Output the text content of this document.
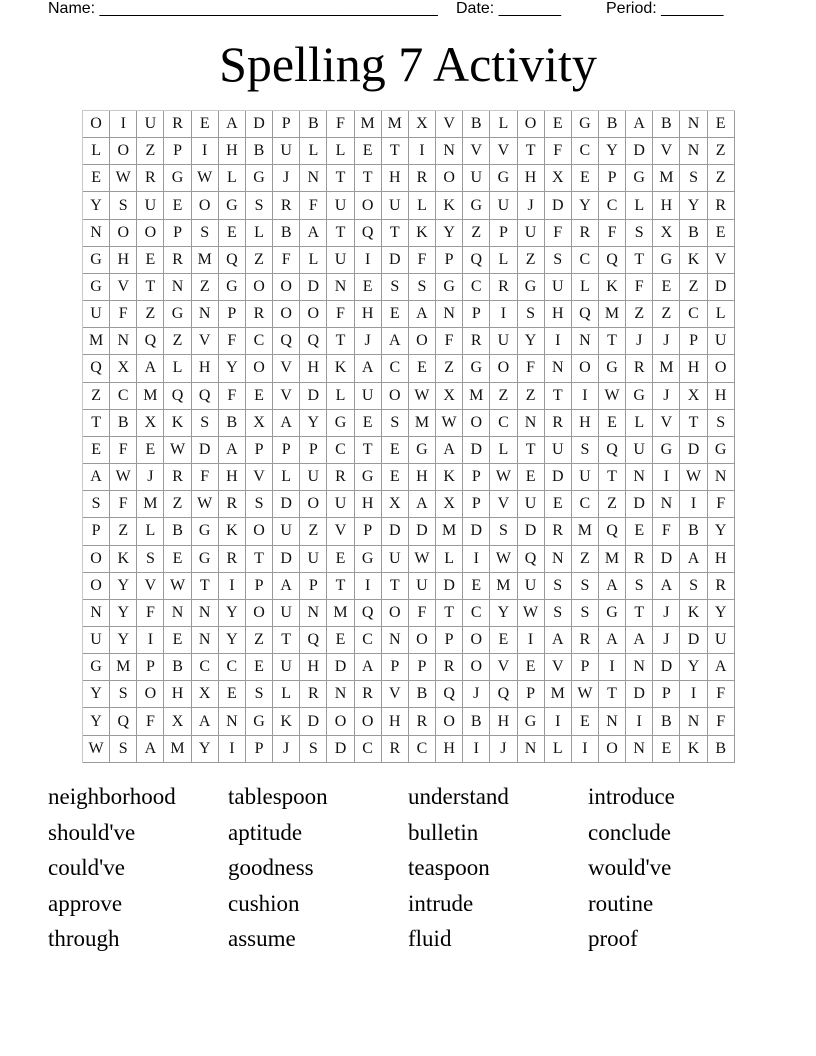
Name: ______________________________________ Date: _______	Period: _______
Spelling 7 Activity
O	I	U	R	E	A D	P	B	F M M X V	B	L	O	E	G	B	A	B	N	E
L	O	Z	P	I	H	B	U	L	L	E	T	I	N V V	T	F	C	Y D V N	Z
E W R	G W L	G	J	N	T	T	H	R	O U G H X	E	P	G M S	Z
Y	S	U	E	O G	S	R	F	U O U	L	K G U	J	D Y	C	L	H Y	R
N O O	P	S	E	L	B	A	T	Q	T	K Y	Z	P	U	F	R	F	S	X	B	E
G H	E	R M Q	Z	F	L	U	I	D	F	P	Q	L	Z	S	C	Q	T	G K V
G V	T	N	Z	G O O D N	E	S	S	G	C	R	G U	L	K	F	E	Z	D
U	F	Z	G N	P	R	O O	F	H	E	A N	P	I	S	H Q M Z	Z	C	L
M N Q	Z	V	F	C	Q Q	T	J	A O	F	R	U Y	I	N	T	J	J	P	U
Q X A	L	H Y O V H K A	C	E	Z	G O	F	N O G	R M H O
Z	C M Q Q	F	E	V D	L	U O W X M Z	Z	T	I	W G	J	X H
T	B	X K	S	B	X A Y G	E	S M W O	C	N	R	H	E	L	V	T	S
E	F	E W D A	P	P	P	C	T	E	G A D	L	T	U	S	Q U G D G
A W	J	R	F	H V	L	U	R	G	E	H K	P W E	D U	T	N	I	W N
S	F M Z W R	S	D O U H X A X	P	V U	E	C	Z	D N	I	F
P	Z	L	B	G K O U	Z	V	P	D D M D	S	D	R M Q	E	F	B	Y
O K	S	E	G	R	T	D U	E	G U W L	I	W Q N	Z M R	D A H
O Y V W T	I	P	A	P	T	I	T	U D	E M U	S	S	A	S	A	S	R
N Y	F	N N Y O U N M Q O	F	T	C	Y W S	S	G	T	J	K Y
U Y	I	E	N Y	Z	T	Q	E	C	N O	P	O	E	I	A	R	A A	J	D U
G M P	B	C	C	E	U H D A	P	P	R	O V	E	V	P	I	N D Y A
Y	S	O H X	E	S	L	R	N	R	V	B	Q	J	Q	P M W T	D	P	I	F
Y Q	F	X A N G K D O O H	R	O	B	H G	I	E	N	I	B	N	F
W S	A M Y	I	P	J	S	D	C	R	C	H	I	J	N	L	I	O N	E	K	B
neighborhood	tablespoon	understand	introduce
should've	aptitude	bulletin	conclude
could've	goodness	teaspoon	would've
approve	cushion	intrude	routine
through	assume	fluid	proof
